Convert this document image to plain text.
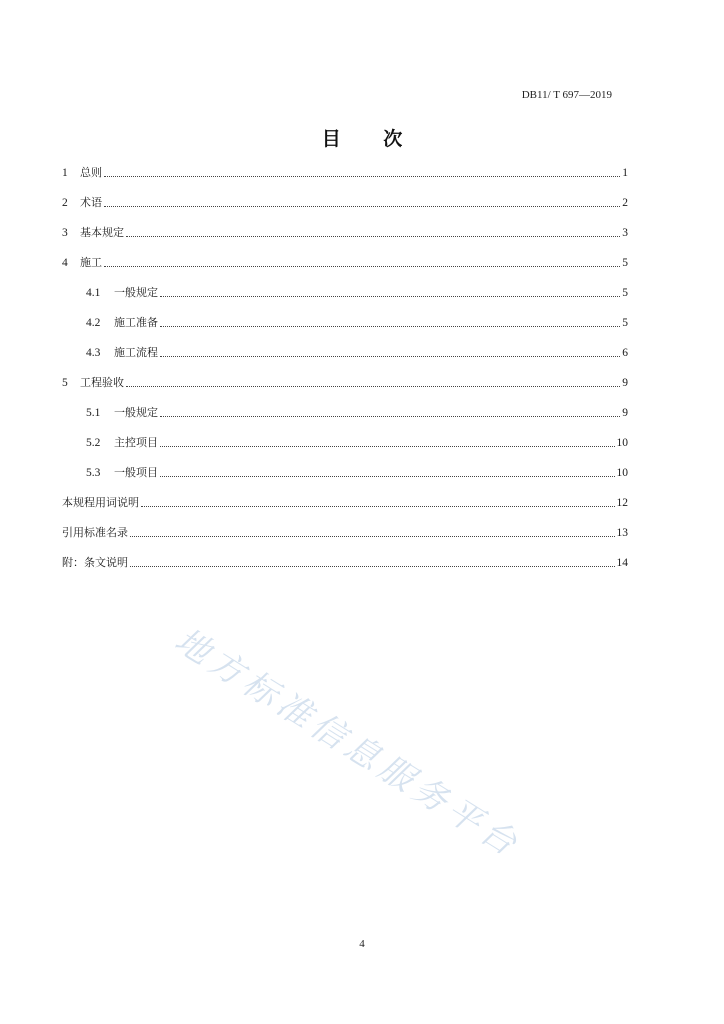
DB11/ T 697—2019
目 次
1	总则	1
2	术语	2
3	基本规定	3
4	施工	5
4.1	一般规定	5
4.2	施工准备	5
4.3	施工流程	6
5	工程验收	9
5.1	一般规定	9
5.2	主控项目	10
5.3	一般项目	10
本规程用词说明	12
引用标准名录	13
附：条文说明	14
地方标准信息服务平台
4
